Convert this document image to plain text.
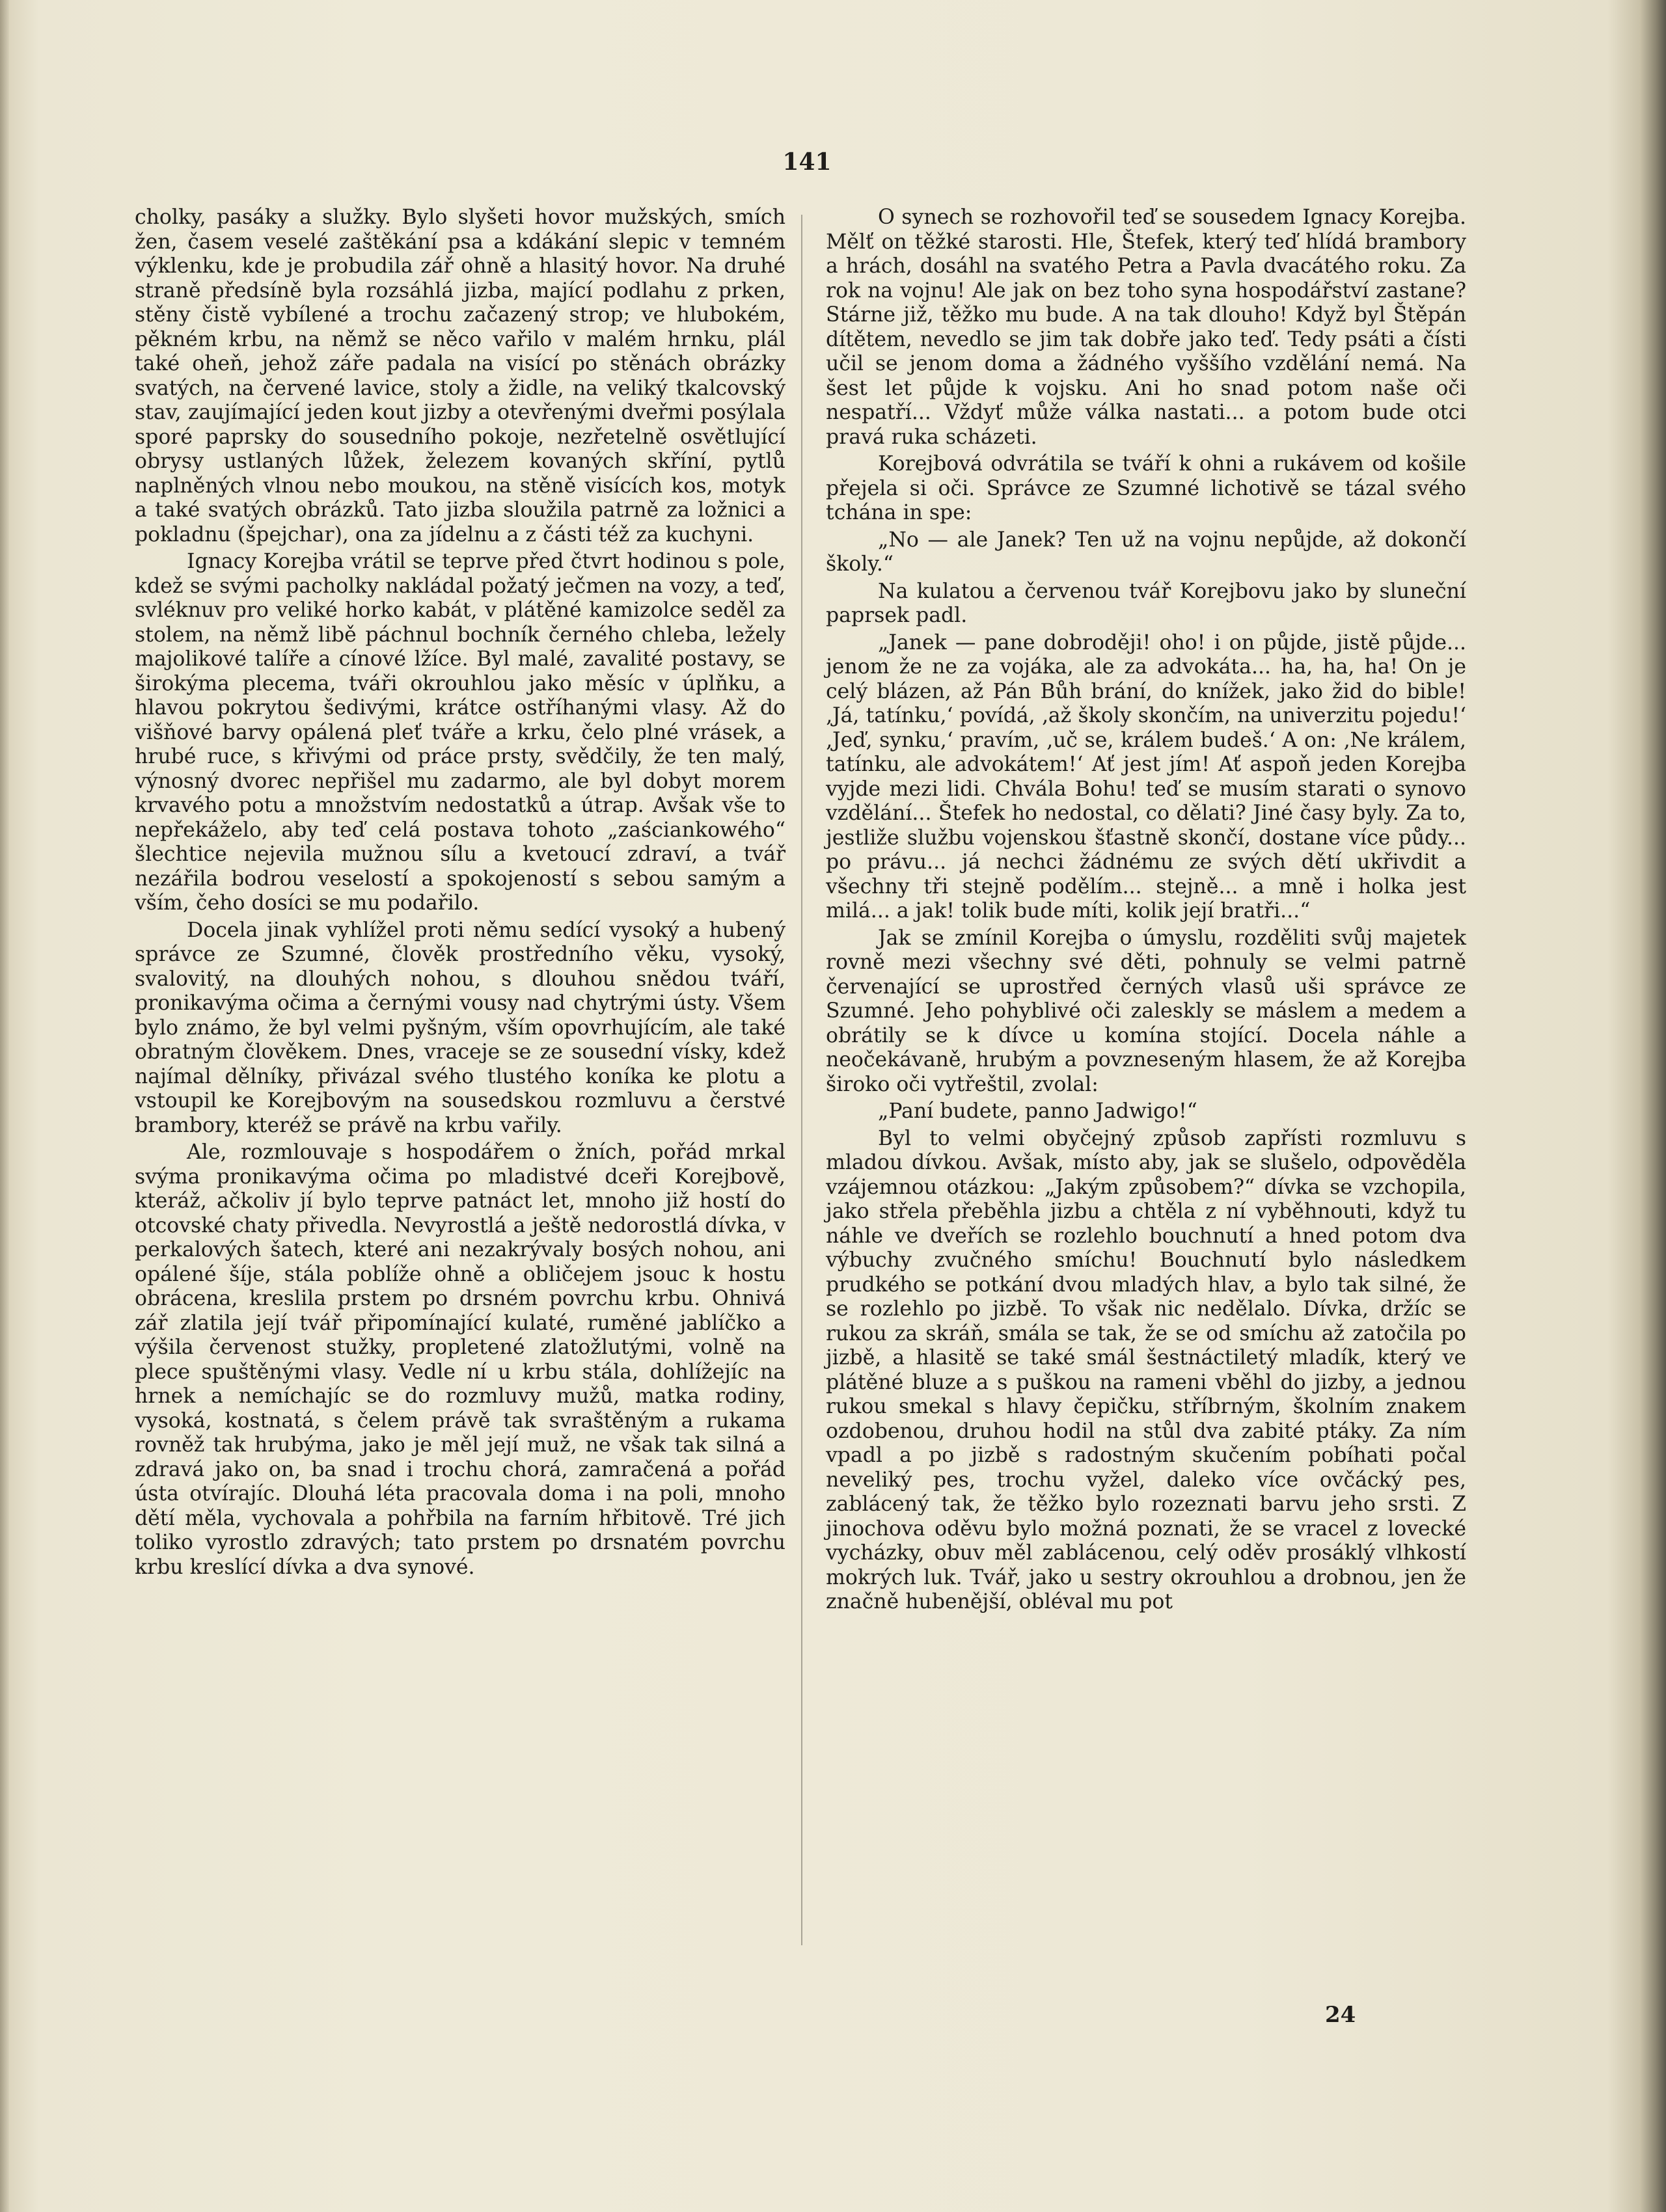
141

cholky, pasáky a služky. Bylo slyšeti hovor mužských, smích žen, časem veselé zaštěkání psa a kdákání slepic v temném výklenku, kde je probudila zář ohně a hlasitý hovor. Na druhé straně předsíně byla rozsáhlá jizba, mající podlahu z prken, stěny čistě vybílené a trochu začazený strop; ve hlubokém, pěkném krbu, na němž se něco vařilo v malém hrnku, plál také oheň, jehož záře padala na visící po stěnách obrázky svatých, na červené lavice, stoly a židle, na veliký tkalcovský stav, zaujímající jeden kout jizby a otevřenými dveřmi posýlala sporé paprsky do sousedního pokoje, nezřetelně osvětlující obrysy ustlaných lůžek, železem kovaných skříní, pytlů naplněných vlnou nebo moukou, na stěně visících kos, motyk a také svatých obrázků. Tato jizba sloužila patrně za ložnici a pokladnu (špejchar), ona za jídelnu a z části též za kuchyni.

Ignacy Korejba vrátil se teprve před čtvrt hodinou s pole, kdež se svými pacholky nakládal požatý ječmen na vozy, a teď, svléknuv pro veliké horko kabát, v plátěné kamizolce seděl za stolem, na němž libě páchnul bochník černého chleba, ležely majolikové talíře a cínové lžíce. Byl malé, zavalité postavy, se širokýma plecema, tváři okrouhlou jako měsíc v úplňku, a hlavou pokrytou šedivými, krátce ostříhanými vlasy. Až do višňové barvy opálená pleť tváře a krku, čelo plné vrásek, a hrubé ruce, s křivými od práce prsty, svědčily, že ten malý, výnosný dvorec nepřišel mu zadarmo, ale byl dobyt morem krvavého potu a množstvím nedostatků a útrap. Avšak vše to nepřekáželo, aby teď celá postava tohoto „zaściankowého“ šlechtice nejevila mužnou sílu a kvetoucí zdraví, a tvář nezářila bodrou veselostí a spokojeností s sebou samým a vším, čeho dosíci se mu podařilo.

Docela jinak vyhlížel proti němu sedící vysoký a hubený správce ze Szumné, člověk prostředního věku, vysoký, svalovitý, na dlouhých nohou, s dlouhou snědou tváří, pronikavýma očima a černými vousy nad chytrými ústy. Všem bylo známo, že byl velmi pyšným, vším opovrhujícím, ale také obratným člověkem. Dnes, vraceje se ze sousední vísky, kdež najímal dělníky, přivázal svého tlustého koníka ke plotu a vstoupil ke Korejbovým na sousedskou rozmluvu a čerstvé brambory, kteréž se právě na krbu vařily.

Ale, rozmlouvaje s hospodářem o žních, pořád mrkal svýma pronikavýma očima po mladistvé dceři Korejbově, kteráž, ačkoliv jí bylo teprve patnáct let, mnoho již hostí do otcovské chaty přivedla. Nevyrostlá a ještě nedorostlá dívka, v perkalových šatech, které ani nezakrývaly bosých nohou, ani opálené šíje, stála poblíže ohně a obličejem jsouc k hostu obrácena, kreslila prstem po drsném povrchu krbu. Ohnivá zář zlatila její tvář připomínající kulaté, ruměné jablíčko a výšila červenost stužky, propletené zlatožlutými, volně na plece spuštěnými vlasy. Vedle ní u krbu stála, dohlížejíc na hrnek a nemíchajíc se do rozmluvy mužů, matka rodiny, vysoká, kostnatá, s čelem právě tak svraštěným a rukama rovněž tak hrubýma, jako je měl její muž, ne však tak silná a zdravá jako on, ba snad i trochu chorá, zamračená a pořád ústa otvírajíc. Dlouhá léta pracovala doma i na poli, mnoho dětí měla, vychovala a pohřbila na farním hřbitově. Tré jich toliko vyrostlo zdravých; tato prstem po drsnatém povrchu krbu kreslící dívka a dva synové.

O synech se rozhovořil teď se sousedem Ignacy Korejba. Mělť on těžké starosti. Hle, Štefek, který teď hlídá brambory a hrách, dosáhl na svatého Petra a Pavla dvacátého roku. Za rok na vojnu! Ale jak on bez toho syna hospodářství zastane? Stárne již, těžko mu bude. A na tak dlouho! Když byl Štěpán dítětem, nevedlo se jim tak dobře jako teď. Tedy psáti a čísti učil se jenom doma a žádného vyššího vzdělání nemá. Na šest let půjde k vojsku. Ani ho snad potom naše oči nespatří... Vždyť může válka nastati... a potom bude otci pravá ruka scházeti.

Korejbová odvrátila se tváří k ohni a rukávem od košile přejela si oči. Správce ze Szumné lichotivě se tázal svého tchána in spe:

„No — ale Janek? Ten už na vojnu nepůjde, až dokončí školy.“

Na kulatou a červenou tvář Korejbovu jako by sluneční paprsek padl.

„Janek — pane dobroději! oho! i on půjde, jistě půjde... jenom že ne za vojáka, ale za advokáta... ha, ha, ha! On je celý blázen, až Pán Bůh brání, do knížek, jako žid do bible! ‚Já, tatínku,‘ povídá, ‚až školy skončím, na univerzitu pojedu!‘ ‚Jeď, synku,‘ pravím, ‚uč se, králem budeš.‘ A on: ‚Ne králem, tatínku, ale advokátem!‘ Ať jest jím! Ať aspoň jeden Korejba vyjde mezi lidi. Chvála Bohu! teď se musím starati o synovo vzdělání... Štefek ho nedostal, co dělati? Jiné časy byly. Za to, jestliže službu vojenskou šťastně skončí, dostane více půdy... po právu... já nechci žádnému ze svých dětí ukřivdit a všechny tři stejně podělím... stejně... a mně i holka jest milá... a jak! tolik bude míti, kolik její bratři...“

Jak se zmínil Korejba o úmyslu, rozděliti svůj majetek rovně mezi všechny své děti, pohnuly se velmi patrně červenající se uprostřed černých vlasů uši správce ze Szumné. Jeho pohyblivé oči zaleskly se máslem a medem a obrátily se k dívce u komína stojící. Docela náhle a neočekávaně, hrubým a povzneseným hlasem, že až Korejba široko oči vytřeštil, zvolal:

„Paní budete, panno Jadwigo!“

Byl to velmi obyčejný způsob zapřísti rozmluvu s mladou dívkou. Avšak, místo aby, jak se slušelo, odpověděla vzájemnou otázkou: „Jakým způsobem?“ dívka se vzchopila, jako střela přeběhla jizbu a chtěla z ní vyběhnouti, když tu náhle ve dveřích se rozlehlo bouchnutí a hned potom dva výbuchy zvučného smíchu! Bouchnutí bylo následkem prudkého se potkání dvou mladých hlav, a bylo tak silné, že se rozlehlo po jizbě. To však nic nedělalo. Dívka, držíc se rukou za skráň, smála se tak, že se od smíchu až zatočila po jizbě, a hlasitě se také smál šestnáctiletý mladík, který ve plátěné bluze a s puškou na rameni vběhl do jizby, a jednou rukou smekal s hlavy čepičku, stříbrným, školním znakem ozdobenou, druhou hodil na stůl dva zabité ptáky. Za ním vpadl a po jizbě s radostným skučením pobíhati počal neveliký pes, trochu vyžel, daleko více ovčácký pes, zablácený tak, že těžko bylo rozeznati barvu jeho srsti. Z jinochova oděvu bylo možná poznati, že se vracel z lovecké vycházky, obuv měl zablácenou, celý oděv prosáklý vlhkostí mokrých luk. Tvář, jako u sestry okrouhlou a drobnou, jen že značně hubenější, obléval mu pot

24
